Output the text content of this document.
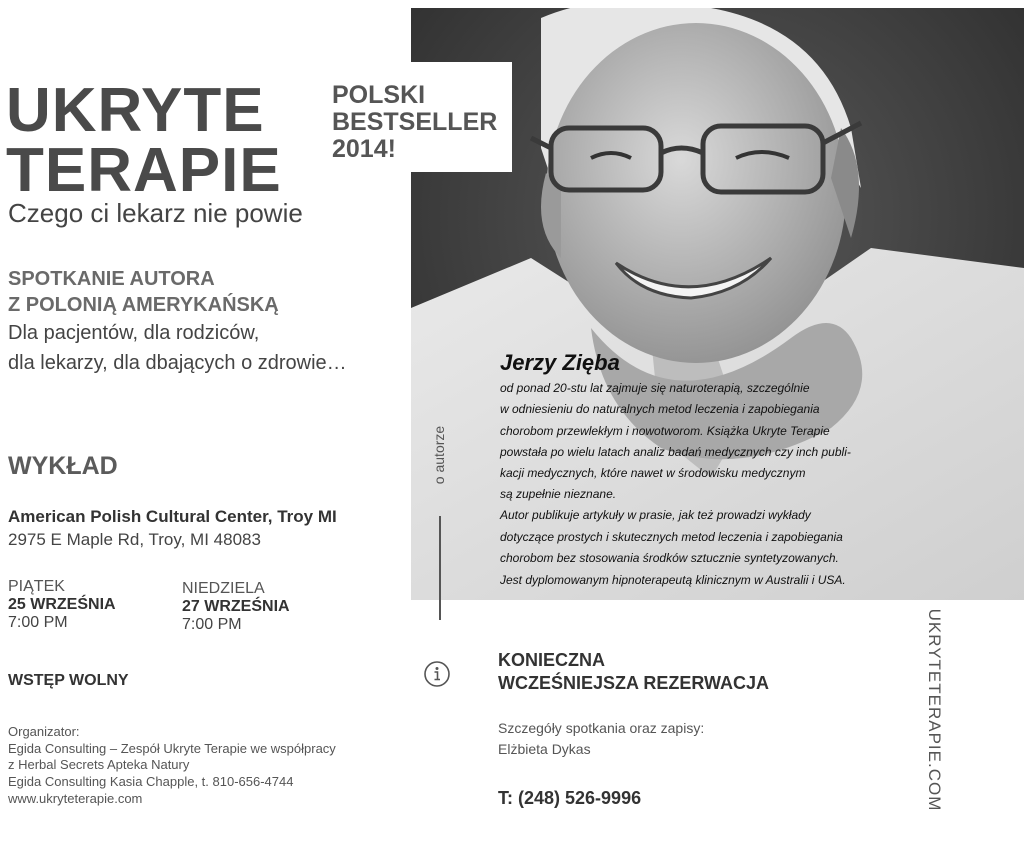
POLSKI
BESTSELLER
2014!
UKRYTE
TERAPIE
Czego ci lekarz nie powie
SPOTKANIE AUTORA
Z POLONIĄ AMERYKAŃSKĄ
Dla pacjentów, dla rodziców,
dla lekarzy, dla dbających o zdrowie…
WYKŁAD
American Polish Cultural Center, Troy MI
2975 E Maple Rd, Troy, MI 48083
PIĄTEK
25 WRZEŚNIA
7:00 PM
NIEDZIELA
27 WRZEŚNIA
7:00 PM
WSTĘP WOLNY
Organizator:
Egida Consulting – Zespół Ukryte Terapie we współpracy
z Herbal Secrets Apteka Natury
Egida Consulting Kasia Chapple, t. 810-656-4744
www.ukryteterapie.com
Jerzy Zięba
od ponad 20-stu lat zajmuje się naturoterapią, szczególnie
w odniesieniu do naturalnych metod leczenia i zapobiegania
chorobom przewlekłym i nowotworom. Książka Ukryte Terapie
powstała po wielu latach analiz badań medycznych czy inch publi-
kacji medycznych, które nawet w środowisku medycznym
są zupełnie nieznane.
Autor publikuje artykuły w prasie, jak też prowadzi wykłady
dotyczące prostych i skutecznych metod leczenia i zapobiegania
chorobom bez stosowania środków sztucznie syntetyzowanych.
Jest dyplomowanym hipnoterapeutą klinicznym w Australii i USA.
o autorze
KONIECZNA
WCZEŚNIEJSZA REZERWACJA
Szczegóły spotkania oraz zapisy:
Elżbieta Dykas
T: (248) 526-9996	UKRYTETERAPIE.COM
